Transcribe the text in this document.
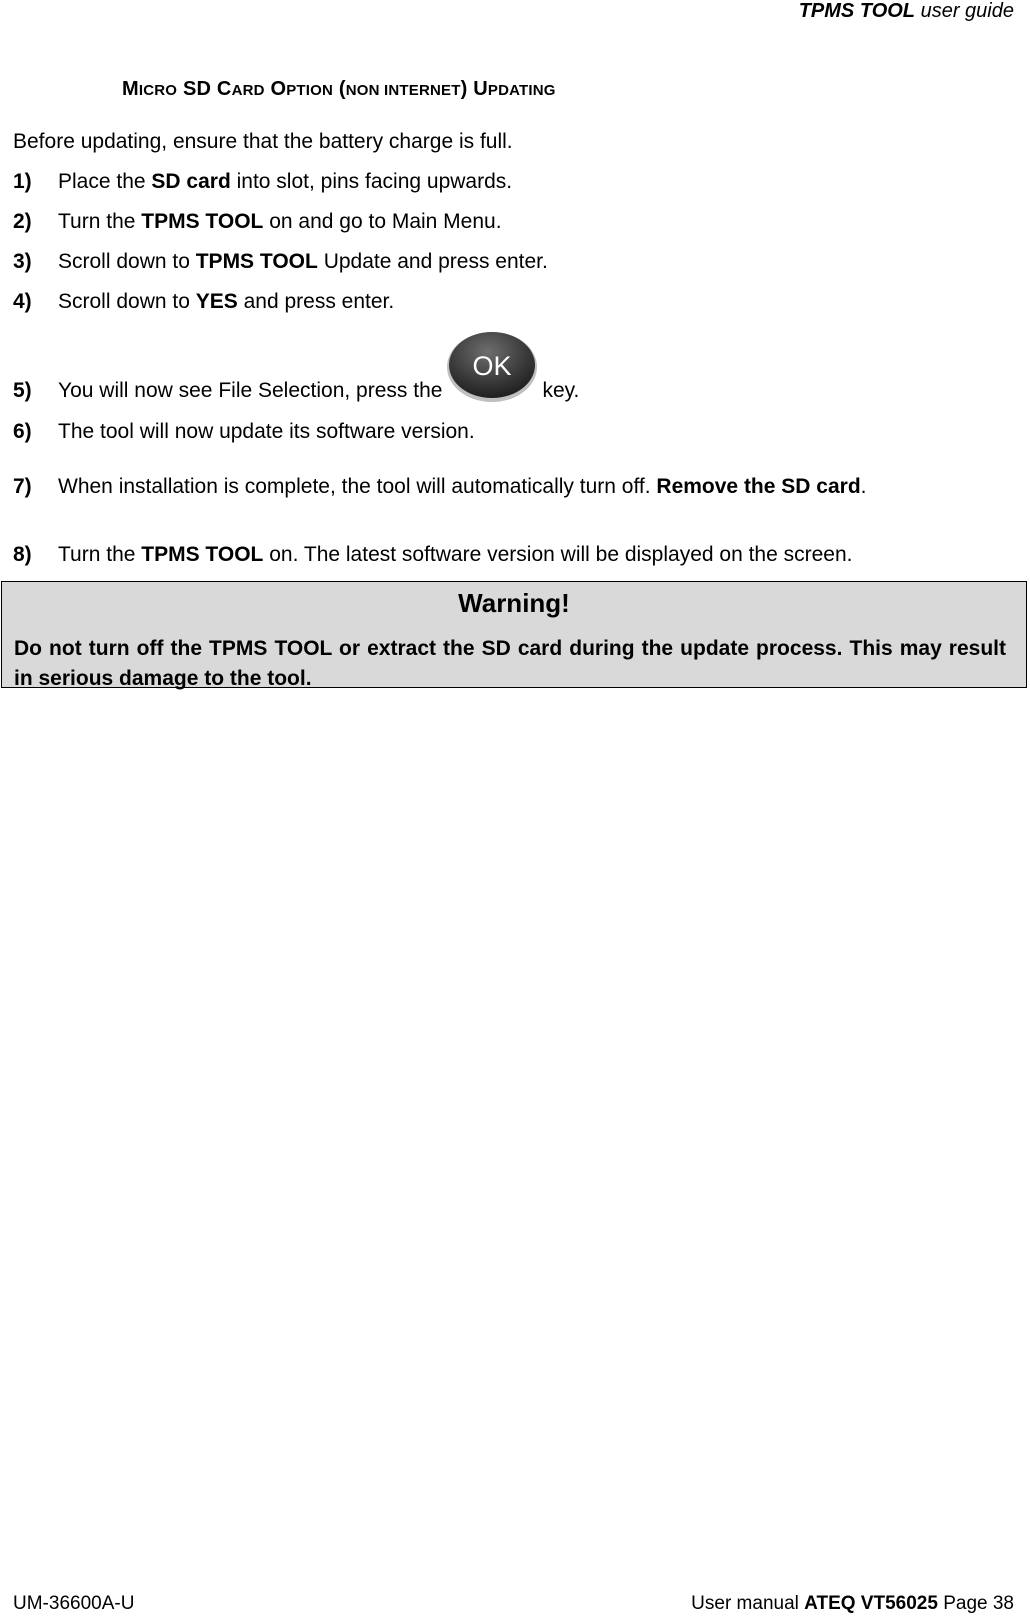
TPMS TOOL user guide
MICRO SD CARD OPTION (NON INTERNET) UPDATING
Before updating, ensure that the battery charge is full.
1) Place the SD card into slot, pins facing upwards.
2) Turn the TPMS TOOL on and go to Main Menu.
3) Scroll down to TPMS TOOL Update and press enter.
4) Scroll down to YES and press enter.
5) You will now see File Selection, press the
OK
key.
6) The tool will now update its software version.
7) When installation is complete, the tool will automatically turn off. Remove the SD card.
8) Turn the TPMS TOOL on. The latest software version will be displayed on the screen.
Warning!
Do not turn off the TPMS TOOL or extract the SD card during the update process. This may result in serious damage to the tool.
UM-36600A-U	User manual ATEQ VT56025 Page 38
